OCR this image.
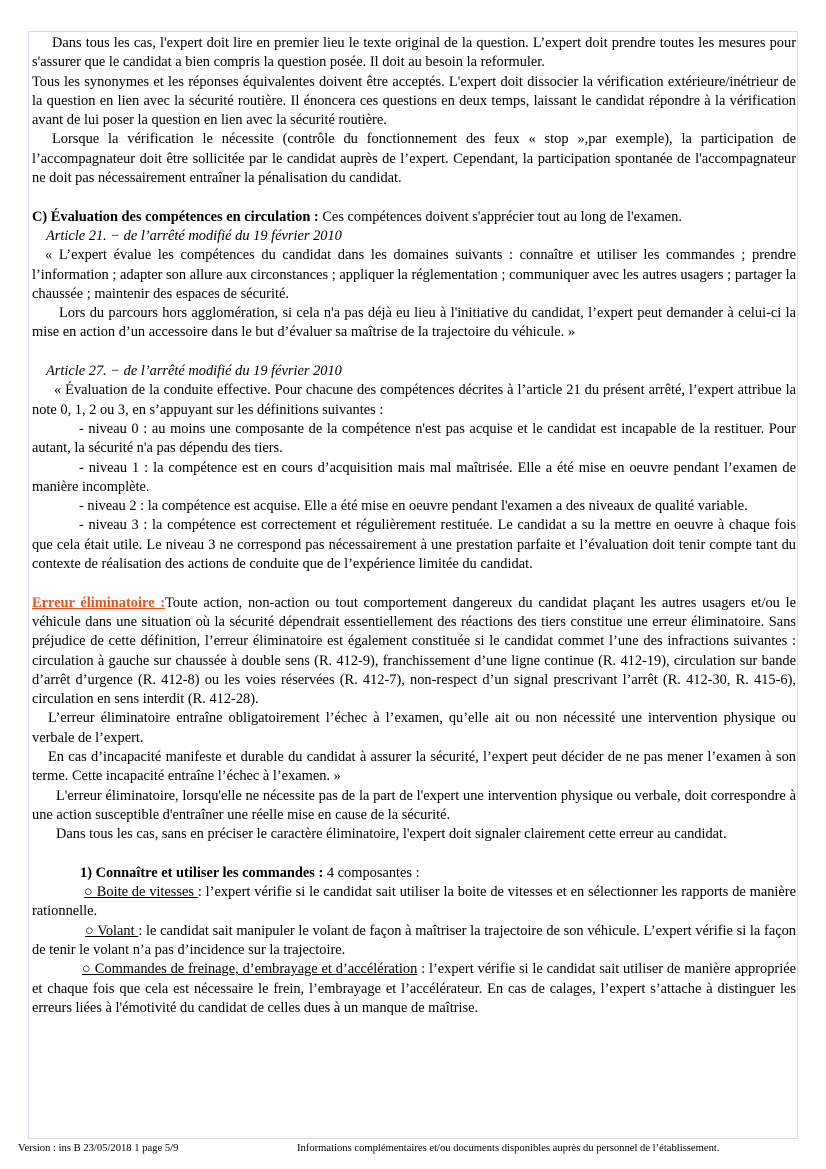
Dans tous les cas, l'expert doit lire en premier lieu le texte original de la question. L’expert doit prendre toutes les mesures pour s'assurer que le candidat a bien compris la question posée. Il doit au besoin la reformuler.

Tous les synonymes et les réponses équivalentes doivent être acceptés. L'expert doit dissocier la vérification extérieure/inétrieur de la question en lien avec la sécurité routière. Il énoncera ces questions en deux temps, laissant le candidat répondre à la vérification avant de lui poser la question en lien avec la sécurité routière.

Lorsque la vérification le nécessite (contrôle du fonctionnement des feux « stop »,par exemple), la participation de l’accompagnateur doit être sollicitée par le candidat auprès de l’expert. Cependant, la participation spontanée de l'accompagnateur ne doit pas nécessairement entraîner la pénalisation du candidat.

C) Évaluation des compétences en circulation : Ces compétences doivent s'apprécier tout au long de l'examen.

Article 21. − de l’arrêté modifié du 19 février 2010

« L’expert évalue les compétences du candidat dans les domaines suivants : connaître et utiliser les commandes ; prendre l’information ; adapter son allure aux circonstances ; appliquer la réglementation ; communiquer avec les autres usagers ; partager la chaussée ; maintenir des espaces de sécurité.

Lors du parcours hors agglomération, si cela n'a pas déjà eu lieu à l'initiative du candidat, l’expert peut demander à celui-ci la mise en action d’un accessoire dans le but d’évaluer sa maîtrise de la trajectoire du véhicule. »

Article 27. − de l’arrêté modifié du 19 février 2010

« Évaluation de la conduite effective. Pour chacune des compétences décrites à l’article 21 du présent arrêté, l’expert attribue la note 0, 1, 2 ou 3, en s’appuyant sur les définitions suivantes :

- niveau 0 : au moins une composante de la compétence n'est pas acquise et le candidat est incapable de la restituer. Pour autant, la sécurité n'a pas dépendu des tiers.

- niveau 1 : la compétence est en cours d’acquisition mais mal maîtrisée. Elle a été mise en oeuvre pendant l’examen de manière incomplète.

- niveau 2 : la compétence est acquise. Elle a été mise en oeuvre pendant l'examen a des niveaux de qualité variable.

- niveau 3 : la compétence est correctement et régulièrement restituée. Le candidat a su la mettre en oeuvre à chaque fois que cela était utile. Le niveau 3 ne correspond pas nécessairement à une prestation parfaite et l’évaluation doit tenir compte tant du contexte de réalisation des actions de conduite que de l’expérience limitée du candidat.

Erreur éliminatoire :Toute action, non-action ou tout comportement dangereux du candidat plaçant les autres usagers et/ou le véhicule dans une situation où la sécurité dépendrait essentiellement des réactions des tiers constitue une erreur éliminatoire. Sans préjudice de cette définition, l’erreur éliminatoire est également constituée si le candidat commet l’une des infractions suivantes : circulation à gauche sur chaussée à double sens (R. 412-9), franchissement d’une ligne continue (R. 412-19), circulation sur bande d’arrêt d’urgence (R. 412-8) ou les voies réservées (R. 412-7), non-respect d’un signal prescrivant l’arrêt (R. 412-30, R. 415-6), circulation en sens interdit (R. 412-28).

L’erreur éliminatoire entraîne obligatoirement l’échec à l’examen, qu’elle ait ou non nécessité une intervention physique ou verbale de l’expert.

En cas d’incapacité manifeste et durable du candidat à assurer la sécurité, l’expert peut décider de ne pas mener l’examen à son terme. Cette incapacité entraîne l’échec à l’examen. »

L'erreur éliminatoire, lorsqu'elle ne nécessite pas de la part de l'expert une intervention physique ou verbale, doit correspondre à une action susceptible d'entraîner une réelle mise en cause de la sécurité.

Dans tous les cas, sans en préciser le caractère éliminatoire, l'expert doit signaler clairement cette erreur au candidat.

1) Connaître et utiliser les commandes : 4 composantes :

○ Boite de vitesses : l’expert vérifie si le candidat sait utiliser la boite de vitesses et en sélectionner les rapports de manière rationnelle.

○ Volant : le candidat sait manipuler le volant de façon à maîtriser la trajectoire de son véhicule. L’expert vérifie si la façon de tenir le volant n’a pas d’incidence sur la trajectoire.

○ Commandes de freinage, d’embrayage et d’accélération : l’expert vérifie si le candidat sait utiliser de manière appropriée et chaque fois que cela est nécessaire le frein, l’embrayage et l’accélérateur. En cas de calages, l’expert s’attache à distinguer les erreurs liées à l'émotivité du candidat de celles dues à un manque de maîtrise.

Version : ins B 23/05/2018 1 page 5/9	Informations complémentaires et/ou documents disponibles auprès du personnel de l’établissement.
